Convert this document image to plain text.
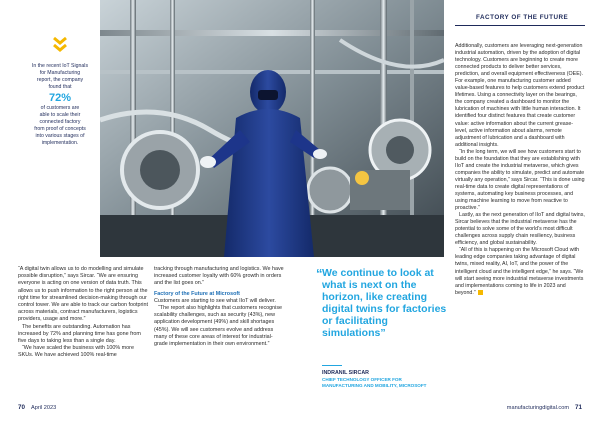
In the recent IoT Signals
for Manufacturing
report, the company
found that
72%
of customers are
able to scale their
connected factory
from proof of concepts
into various stages of
implementation.
FACTORY OF THE FUTURE

“A digital twin allows us to do modelling and simulate possible disruption,” says Sircar. “We are ensuring everyone is acting on one version of data truth. This allows us to push information to the right person at the right time for streamlined decision-making through our control tower. We are able to track our carbon footprint across materials, contract manufacturers, logistics providers, usage and more.”

The benefits are outstanding. Automation has increased by 72% and planning time has gone from five days to taking less than a single day.

“We have scaled the business with 100% more SKUs. We have achieved 100% real-time

tracking through manufacturing and logistics. We have increased customer loyalty with 60% growth in orders and the list goes on.”

Factory of the Future at Microsoft

Customers are starting to see what IIoT will deliver.

“The report also highlights that customers recognise scalability challenges, such as security (43%), new application development (49%) and skill shortages (45%). We will see customers evolve and address many of these core areas of interest for industrial-grade implementation in their own environment.”

“ We continue to look at what is next on the horizon, like creating digital twins for factories or facilitating simulations”
INDRANIL SIRCAR
CHIEF TECHNOLOGY OFFICER FOR MANUFACTURING AND MOBILITY, MICROSOFT

Additionally, customers are leveraging next-generation industrial automation, driven by the adoption of digital technology. Customers are beginning to create more connected products to deliver better services, prediction, and overall equipment effectiveness (OEE). For example, one manufacturing customer added value-based features to help customers extend product lifetimes. Using a connectivity layer on the bearings, the company created a dashboard to monitor the lubrication of machines with little human interaction. It identified four distinct features that create customer value: active information about the current grease-level, active information about alarms, remote adjustment of lubrication and a dashboard with additional insights.

“In the long term, we will see how customers start to build on the foundation that they are establishing with IIoT and create the industrial metaverse, which gives companies the ability to simulate, predict and automate virtually any operation,” says Sircar. “This is done using real-time data to create digital representations of systems, automating key business processes, and using machine learning to move from reactive to proactive.”

Lastly, as the next generation of IIoT and digital twins, Sircar believes that the industrial metaverse has the potential to solve some of the world’s most difficult challenges across supply chain resiliency, business efficiency, and global sustainability.

“All of this is happening on the Microsoft Cloud with leading edge companies taking advantage of digital twins, mixed reality, AI, IoT, and the power of the intelligent cloud and the intelligent edge,” he says. “We will start seeing more industrial metaverse investments and implementations coming to life in 2023 and beyond.”

70 April 2023	manufacturingdigital.com 71
